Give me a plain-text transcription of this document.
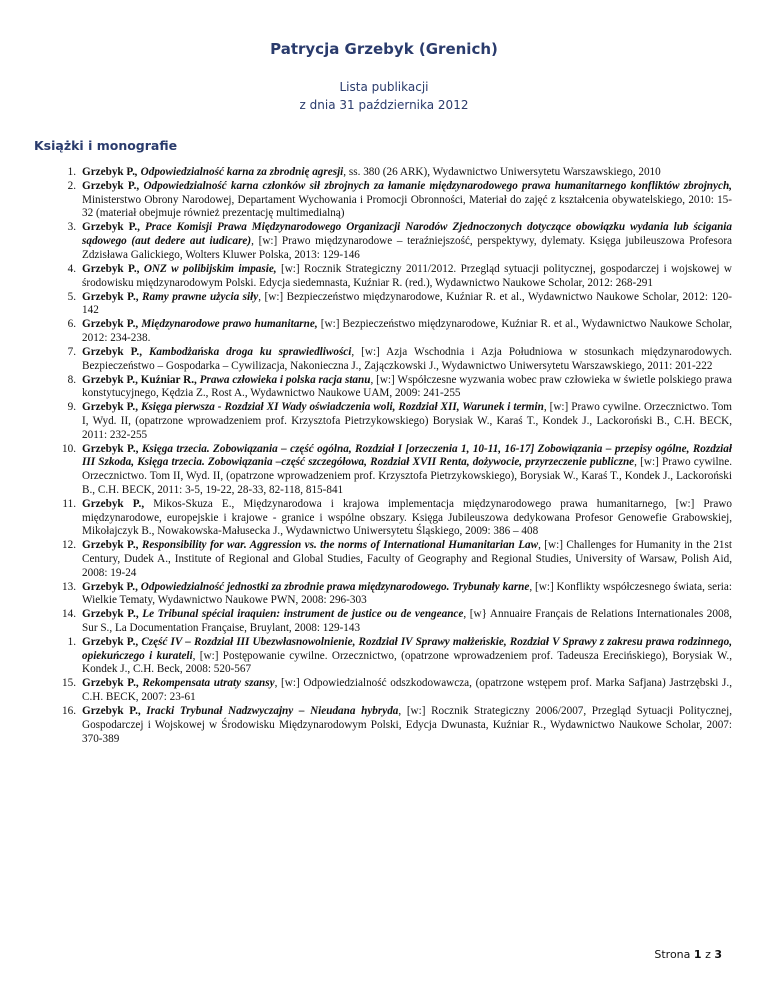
Patrycja Grzebyk (Grenich)
Lista publikacji
z dnia 31 października 2012
Książki i monografie
1. Grzebyk P., Odpowiedzialność karna za zbrodnię agresji, ss. 380 (26 ARK), Wydawnictwo Uniwersytetu Warszawskiego, 2010
2. Grzebyk P., Odpowiedzialność karna członków sił zbrojnych za łamanie międzynarodowego prawa humanitarnego konfliktów zbrojnych, Ministerstwo Obrony Narodowej, Departament Wychowania i Promocji Obronności, Materiał do zajęć z kształcenia obywatelskiego, 2010: 15-32 (materiał obejmuje również prezentację multimedialną)
3. Grzebyk P., Prace Komisji Prawa Międzynarodowego Organizacji Narodów Zjednoczonych dotyczące obowiązku wydania lub ścigania sądowego (aut dedere aut iudicare), [w:] Prawo międzynarodowe – teraźniejszość, perspektywy, dylematy. Księga jubileuszowa Profesora Zdzisława Galickiego, Wolters Kluwer Polska, 2013: 129-146
4. Grzebyk P., ONZ w polibijskim impasie, [w:] Rocznik Strategiczny 2011/2012. Przegląd sytuacji politycznej, gospodarczej i wojskowej w środowisku międzynarodowym Polski. Edycja siedemnasta, Kuźniar R. (red.), Wydawnictwo Naukowe Scholar, 2012: 268-291
5. Grzebyk P., Ramy prawne użycia siły, [w:] Bezpieczeństwo międzynarodowe, Kuźniar R. et al., Wydawnictwo Naukowe Scholar, 2012: 120-142
6. Grzebyk P., Międzynarodowe prawo humanitarne, [w:] Bezpieczeństwo międzynarodowe, Kuźniar R. et al., Wydawnictwo Naukowe Scholar, 2012: 234-238.
7. Grzebyk P., Kambodżańska droga ku sprawiedliwości, [w:] Azja Wschodnia i Azja Południowa w stosunkach międzynarodowych. Bezpieczeństwo – Gospodarka – Cywilizacja, Nakonieczna J., Zajączkowski J., Wydawnictwo Uniwersytetu Warszawskiego, 2011: 201-222
8. Grzebyk P., Kuźniar R., Prawa człowieka i polska racja stanu, [w:] Współczesne wyzwania wobec praw człowieka w świetle polskiego prawa konstytucyjnego, Kędzia Z., Rost A., Wydawnictwo Naukowe UAM, 2009: 241-255
9. Grzebyk P., Księga pierwsza - Rozdział XI Wady oświadczenia woli, Rozdział XII, Warunek i termin, [w:] Prawo cywilne. Orzecznictwo. Tom I, Wyd. II, (opatrzone wprowadzeniem prof. Krzysztofa Pietrzykowskiego) Borysiak W., Karaś T., Kondek J., Lackoroński B., C.H. BECK, 2011: 232-255
10. Grzebyk P., Księga trzecia. Zobowiązania – część ogólna, Rozdział I [orzeczenia 1, 10-11, 16-17] Zobowiązania – przepisy ogólne, Rozdział III Szkoda, Księga trzecia. Zobowiązania –część szczegółowa, Rozdział XVII Renta, dożywocie, przyrzeczenie publiczne, [w:] Prawo cywilne. Orzecznictwo. Tom II, Wyd. II, (opatrzone wprowadzeniem prof. Krzysztofa Pietrzykowskiego), Borysiak W., Karaś T., Kondek J., Lackoroński B., C.H. BECK, 2011: 3-5, 19-22, 28-33, 82-118, 815-841
11. Grzebyk P., Mikos-Skuza E., Międzynarodowa i krajowa implementacja międzynarodowego prawa humanitarnego, [w:] Prawo międzynarodowe, europejskie i krajowe - granice i wspólne obszary. Księga Jubileuszowa dedykowana Profesor Genowefie Grabowskiej, Mikołajczyk B., Nowakowska-Małusecka J., Wydawnictwo Uniwersytetu Śląskiego, 2009: 386 – 408
12. Grzebyk P., Responsibility for war. Aggression vs. the norms of International Humanitarian Law, [w:] Challenges for Humanity in the 21st Century, Dudek A., Institute of Regional and Global Studies, Faculty of Geography and Regional Studies, University of Warsaw, Polish Aid, 2008: 19-24
13. Grzebyk P., Odpowiedzialność jednostki za zbrodnie prawa międzynarodowego. Trybunały karne, [w:] Konflikty współczesnego świata, seria: Wielkie Tematy, Wydawnictwo Naukowe PWN, 2008: 296-303
14. Grzebyk P., Le Tribunal spécial iraquien: instrument de justice ou de vengeance, [w} Annuaire Français de Relations Internationales 2008, Sur S., La Documentation Française, Bruylant, 2008: 129-143
1. Grzebyk P., Część IV – Rozdział III Ubezwłasnowolnienie, Rozdział IV Sprawy małżeńskie, Rozdział V Sprawy z zakresu prawa rodzinnego, opiekuńczego i kurateli, [w:] Postępowanie cywilne. Orzecznictwo, (opatrzone wprowadzeniem prof. Tadeusza Erecińskiego), Borysiak W., Kondek J., C.H. Beck, 2008: 520-567
15. Grzebyk P., Rekompensata utraty szansy, [w:] Odpowiedzialność odszkodowawcza, (opatrzone wstępem prof. Marka Safjana) Jastrzębski J., C.H. BECK, 2007: 23-61
16. Grzebyk P., Iracki Trybunał Nadzwyczajny – Nieudana hybryda, [w:] Rocznik Strategiczny 2006/2007, Przegląd Sytuacji Politycznej, Gospodarczej i Wojskowej w Środowisku Międzynarodowym Polski, Edycja Dwunasta, Kuźniar R., Wydawnictwo Naukowe Scholar, 2007: 370-389
Strona 1 z 3
